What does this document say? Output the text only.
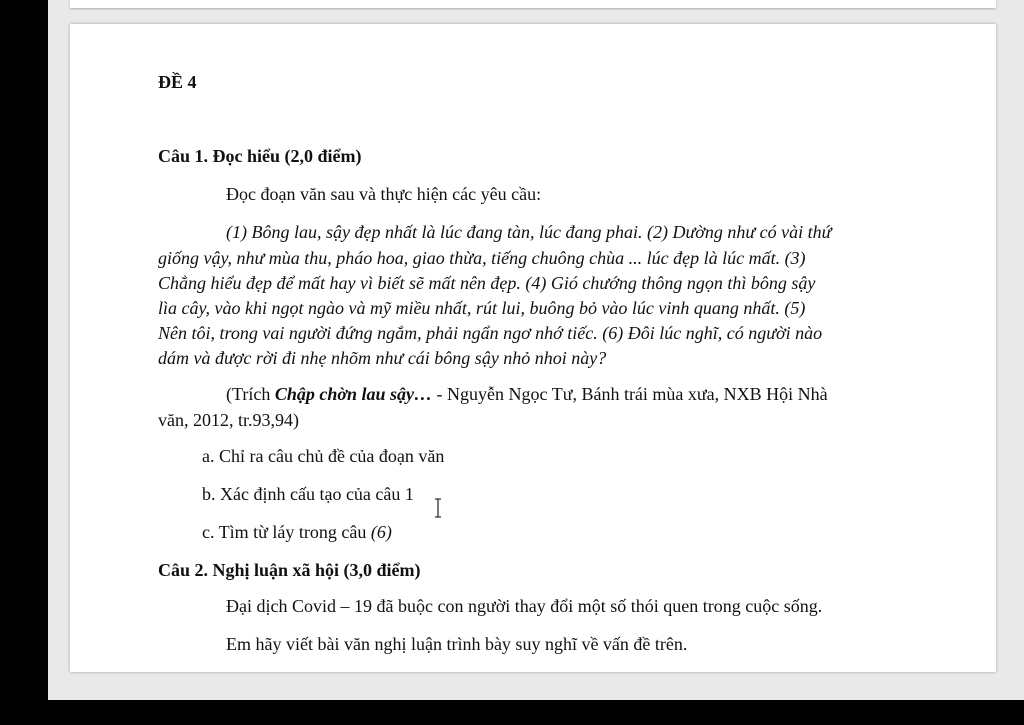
ĐỀ 4

Câu 1. Đọc hiểu (2,0 điểm)

Đọc đoạn văn sau và thực hiện các yêu cầu:

(1) Bông lau, sậy đẹp nhất là lúc đang tàn, lúc đang phai. (2) Dường như có vài thứ

giống vậy, như mùa thu, pháo hoa, giao thừa, tiếng chuông chùa ... lúc đẹp là lúc mất. (3)

Chẳng hiểu đẹp để mất hay vì biết sẽ mất nên đẹp. (4) Gió chướng thông ngọn thì bông sậy

lìa cây, vào khi ngọt ngào và mỹ miều nhất, rút lui, buông bỏ vào lúc vinh quang nhất. (5)

Nên tôi, trong vai người đứng ngắm, phải ngẩn ngơ nhớ tiếc. (6) Đôi lúc nghĩ, có người nào

dám và được rời đi nhẹ nhõm như cái bông sậy nhỏ nhoi này?

(Trích Chập chờn lau sậy… - Nguyễn Ngọc Tư, Bánh trái mùa xưa, NXB Hội Nhà

văn, 2012, tr.93,94)

a. Chỉ ra câu chủ đề của đoạn văn

b. Xác định cấu tạo của câu 1

c. Tìm từ láy trong câu (6)

Câu 2. Nghị luận xã hội (3,0 điểm)

Đại dịch Covid – 19 đã buộc con người thay đổi một số thói quen trong cuộc sống.

Em hãy viết bài văn nghị luận trình bày suy nghĩ về vấn đề trên.
